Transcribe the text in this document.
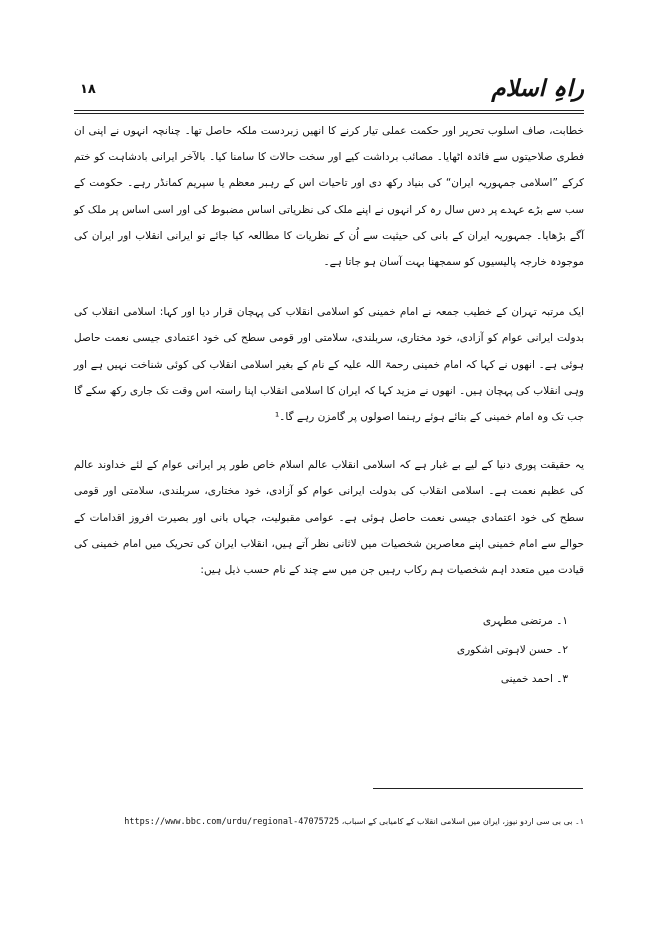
راہِ اسلام
۱۸

خطابت، صاف اسلوب تحریر اور حکمت عملی تیار کرنے کا انھیں زبردست ملکہ حاصل تھا۔ چنانچہ انہوں نے اپنی ان فطری صلاحیتوں سے فائدہ اٹھایا۔ مصائب برداشت کیے اور سخت حالات کا سامنا کیا۔ بالآخر ایرانی بادشاہت کو ختم کرکے ”اسلامی جمہوریہ ایران“ کی بنیاد رکھ دی اور تاحیات اس کے رہبر معظم یا سپریم کمانڈر رہے۔ حکومت کے سب سے بڑے عہدے پر دس سال رہ کر انہوں نے اپنے ملک کی نظریاتی اساس مضبوط کی اور اسی اساس پر ملک کو آگے بڑھایا۔ جمہوریہ ایران کے بانی کی حیثیت سے اُن کے نظریات کا مطالعہ کیا جائے تو ایرانی انقلاب اور ایران کی موجودہ خارجہ پالیسیوں کو سمجھنا بہت آسان ہو جاتا ہے۔

ایک مرتبہ تہران کے خطیب جمعہ نے امام خمینی کو اسلامی انقلاب کی پہچان قرار دیا اور کہا: اسلامی انقلاب کی بدولت ایرانی عوام کو آزادی، خود مختاری، سربلندی، سلامتی اور قومی سطح کی خود اعتمادی جیسی نعمت حاصل ہوئی ہے۔ انھوں نے کہا کہ امام خمینی رحمۃ اللہ علیہ کے نام کے بغیر اسلامی انقلاب کی کوئی شناخت نہیں ہے اور وہی انقلاب کی پہچان ہیں۔ انھوں نے مزید کہا کہ ایران کا اسلامی انقلاب اپنا راستہ اس وقت تک جاری رکھ سکے گا جب تک وہ امام خمینی کے بتائے ہوئے رہنما اصولوں پر گامزن رہے گا۔¹

یہ حقیقت پوری دنیا کے لیے بے غبار ہے کہ اسلامی انقلاب عالم اسلام خاص طور پر ایرانی عوام کے لئے خداوند عالم کی عظیم نعمت ہے۔ اسلامی انقلاب کی بدولت ایرانی عوام کو آزادی، خود مختاری، سربلندی، سلامتی اور قومی سطح کی خود اعتمادی جیسی نعمت حاصل ہوئی ہے۔ عوامی مقبولیت، جہاں بانی اور بصیرت افروز اقدامات کے حوالے سے امام خمینی اپنے معاصرین شخصیات میں لاثانی نظر آتے ہیں، انقلاب ایران کی تحریک میں امام خمینی کی قیادت میں متعدد اہم شخصیات ہم رکاب رہیں جن میں سے چند کے نام حسب ذیل ہیں:

۱۔ مرتضی مطہری
۲۔ حسن لاہوتی اشکوری
۳۔ احمد خمینی
۱۔ بی بی سی اردو نیوز، ایران میں اسلامی انقلاب کے کامیابی کے اسباب، https://www.bbc.com/urdu/regional-47075725
